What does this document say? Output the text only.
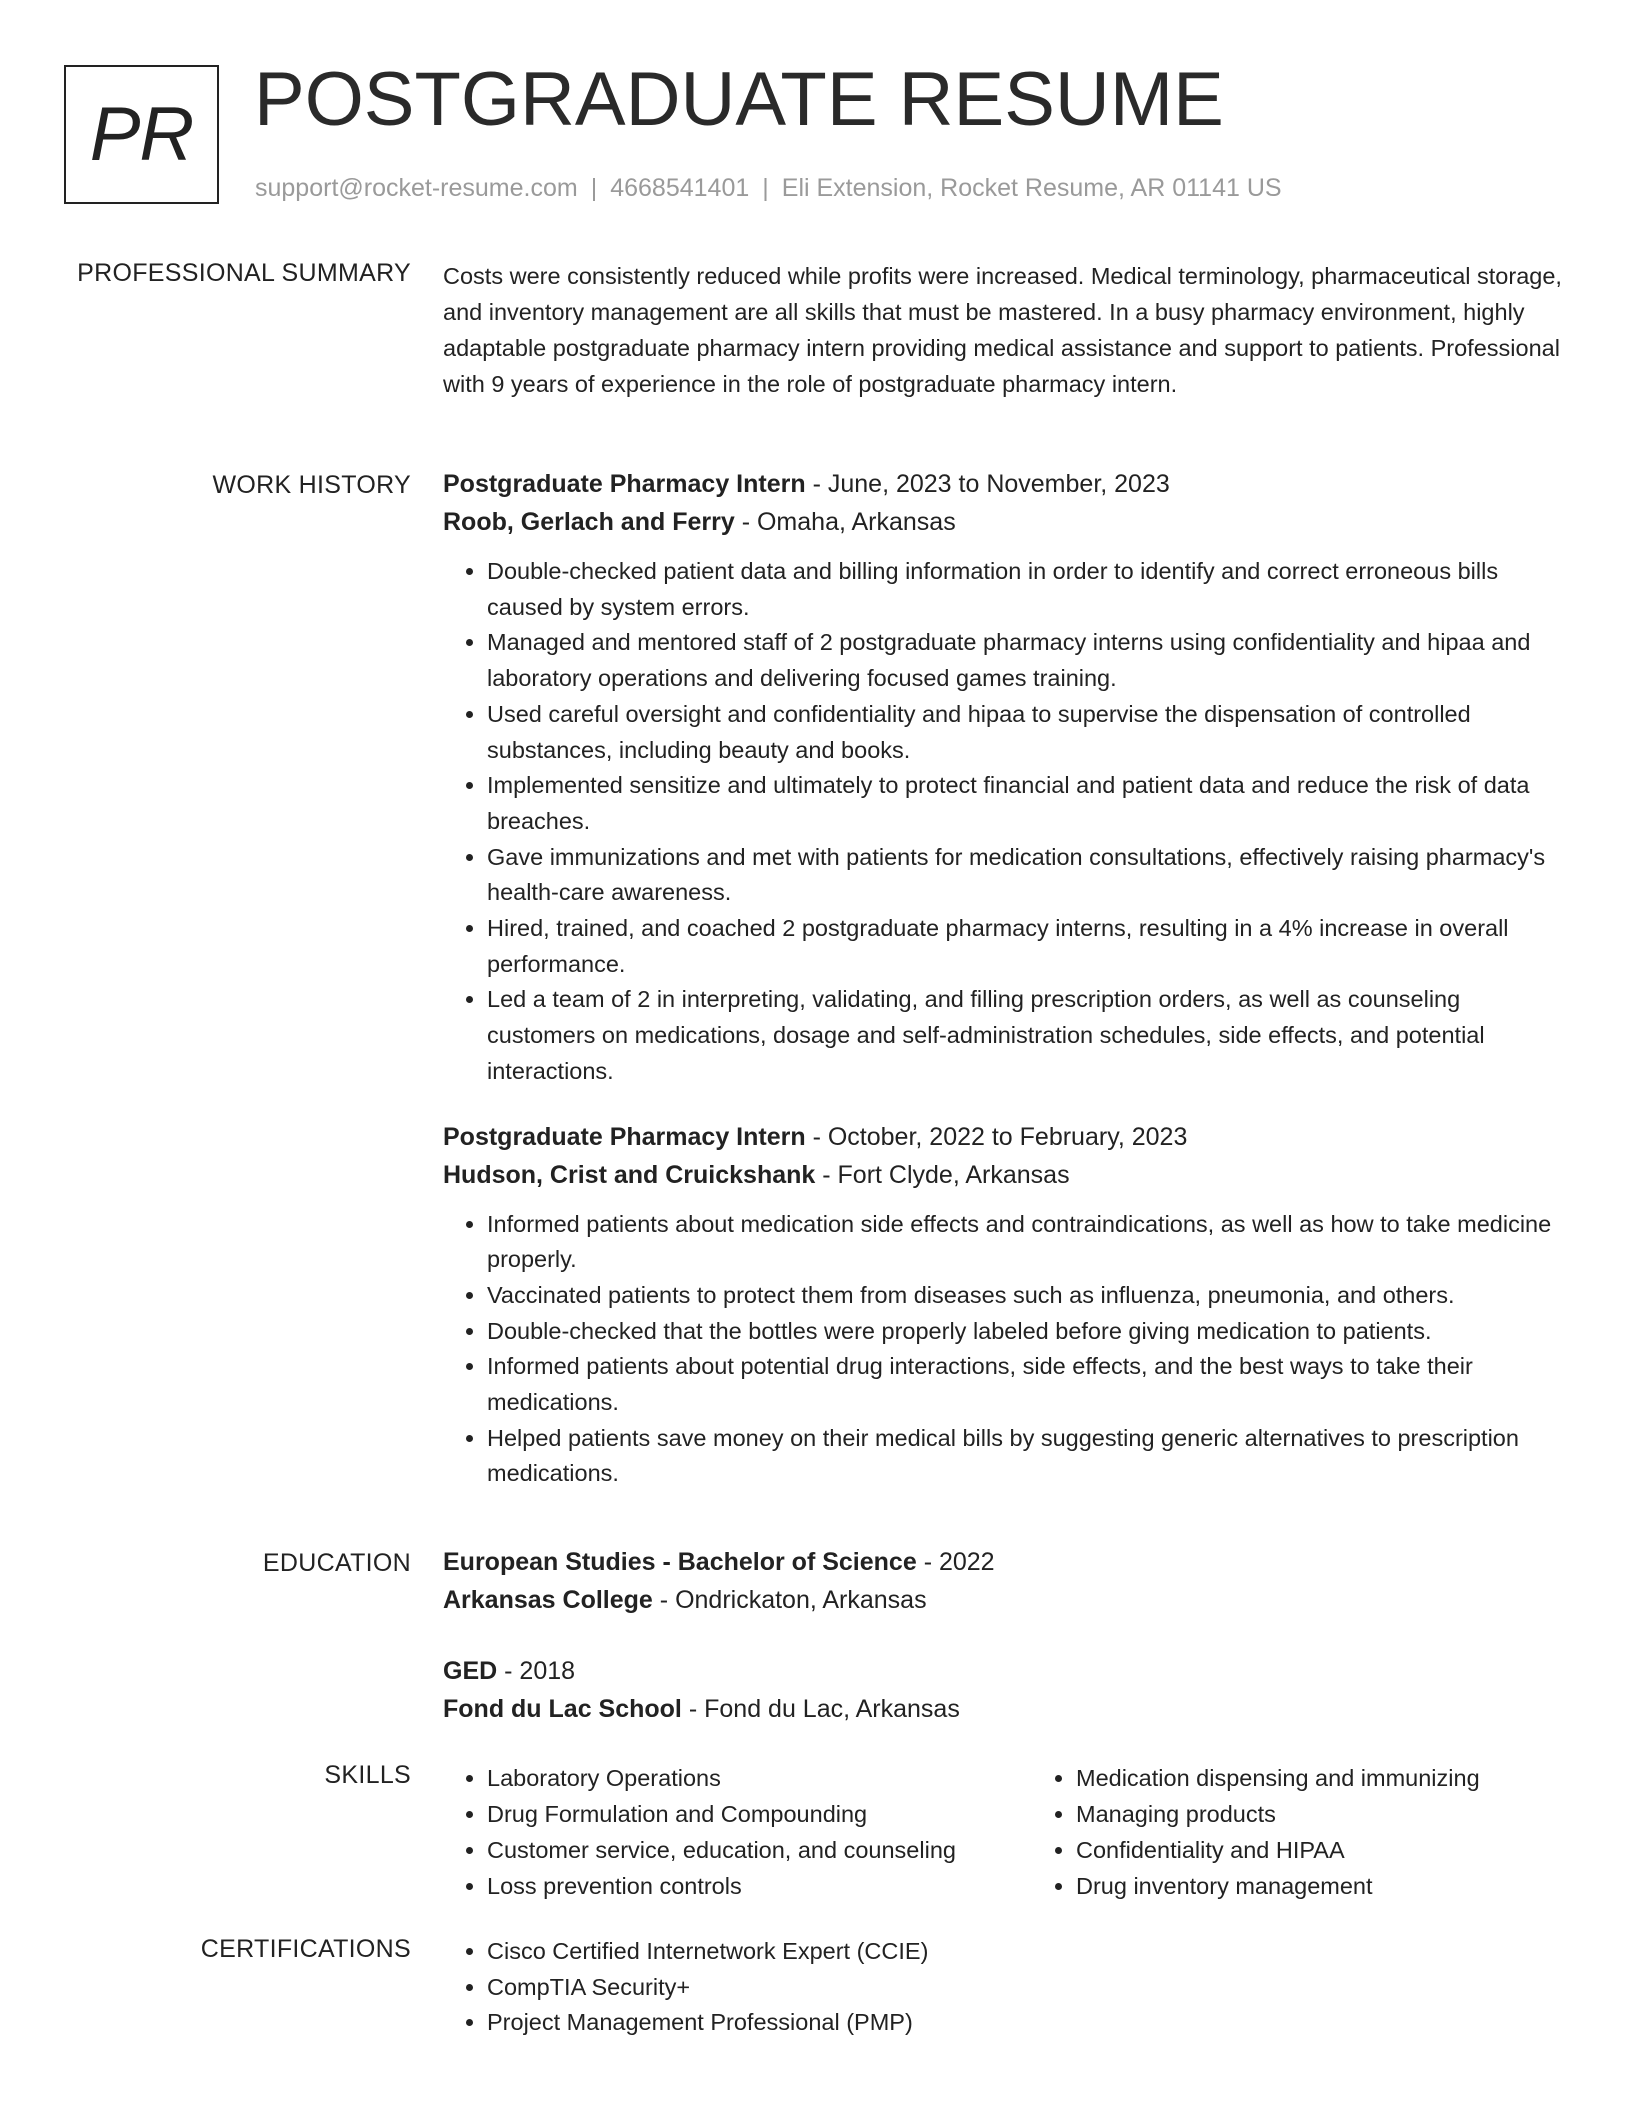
PR POSTGRADUATE RESUME
support@rocket-resume.com | 4668541401 | Eli Extension, Rocket Resume, AR 01141 US
PROFESSIONAL SUMMARY Costs were consistently reduced while profits were increased. Medical terminology, pharmaceutical storage, and inventory management are all skills that must be mastered. In a busy pharmacy environment, highly adaptable postgraduate pharmacy intern providing medical assistance and support to patients. Professional with 9 years of experience in the role of postgraduate pharmacy intern.

WORK HISTORY Postgraduate Pharmacy Intern - June, 2023 to November, 2023
Roob, Gerlach and Ferry - Omaha, Arkansas
• Double-checked patient data and billing information in order to identify and correct erroneous bills caused by system errors.
• Managed and mentored staff of 2 postgraduate pharmacy interns using confidentiality and hipaa and laboratory operations and delivering focused games training.
• Used careful oversight and confidentiality and hipaa to supervise the dispensation of controlled substances, including beauty and books.
• Implemented sensitize and ultimately to protect financial and patient data and reduce the risk of data breaches.
• Gave immunizations and met with patients for medication consultations, effectively raising pharmacy's health-care awareness.
• Hired, trained, and coached 2 postgraduate pharmacy interns, resulting in a 4% increase in overall performance.
• Led a team of 2 in interpreting, validating, and filling prescription orders, as well as counseling customers on medications, dosage and self-administration schedules, side effects, and potential interactions.
Postgraduate Pharmacy Intern - October, 2022 to February, 2023
Hudson, Crist and Cruickshank - Fort Clyde, Arkansas
• Informed patients about medication side effects and contraindications, as well as how to take medicine properly.
• Vaccinated patients to protect them from diseases such as influenza, pneumonia, and others.
• Double-checked that the bottles were properly labeled before giving medication to patients.
• Informed patients about potential drug interactions, side effects, and the best ways to take their medications.
• Helped patients save money on their medical bills by suggesting generic alternatives to prescription medications.
EDUCATION European Studies - Bachelor of Science - 2022
Arkansas College - Ondrickaton, Arkansas
GED - 2018
Fond du Lac School - Fond du Lac, Arkansas
SKILLS	• Laboratory Operations
• Drug Formulation and Compounding
• Customer service, education, and counseling
• Loss prevention controls
• Medication dispensing and immunizing
• Managing products
• Confidentiality and HIPAA
• Drug inventory management
CERTIFICATIONS	• Cisco Certified Internetwork Expert (CCIE)
• CompTIA Security+
• Project Management Professional (PMP)
